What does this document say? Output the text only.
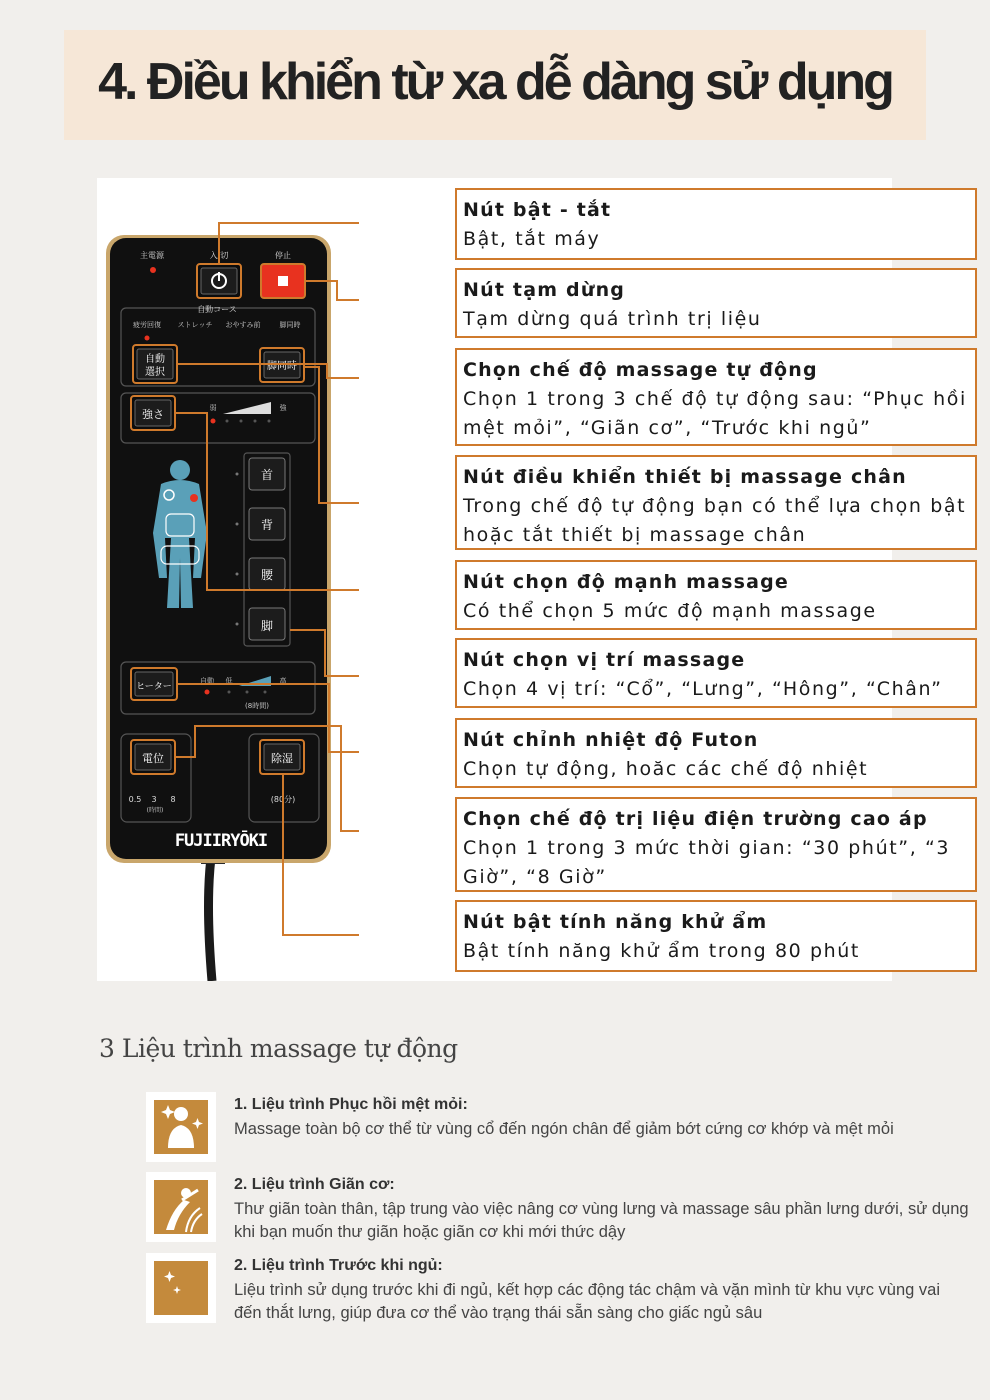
4. Điều khiển từ xa dễ dàng sử dụng
主電源	入/切	停止
自動コース
疲労回復 ストレッチ おやすみ前	脚同時
自動
選択
脚同時
強さ	弱	強
首
背
腰
脚
ヒーター
自動 低	高
(8時間)
電位
0.5 3 8
(時間)
除湿
(80分)
FUJIIRYŌKI
Nút bật - tắt
Bật, tắt máy
Nút tạm dừng
Tạm dừng quá trình trị liệu
Chọn chế độ massage tự động
Chọn 1 trong 3 chế độ tự động sau: “Phục hồi mệt mỏi”, “Giãn cơ”, “Trước khi ngủ”
Nút điều khiển thiết bị massage chân
Trong chế độ tự động bạn có thể lựa chọn bật hoặc tắt thiết bị massage chân
Nút chọn độ mạnh massage
Có thể chọn 5 mức độ mạnh massage
Nút chọn vị trí massage
Chọn 4 vị trí: “Cổ”, “Lưng”, “Hông”, “Chân”
Nút chỉnh nhiệt độ Futon
Chọn tự động, hoăc các chế độ nhiệt
Chọn chế độ trị liệu điện trường cao áp
Chọn 1 trong 3 mức thời gian: “30 phút”, “3 Giờ”, “8 Giờ”
Nút bật tính năng khử ẩm
Bật tính năng khử ẩm trong 80 phút
3 Liệu trình massage tự động
1. Liệu trình Phục hồi mệt mỏi:
Massage toàn bộ cơ thể từ vùng cổ đến ngón chân để giảm bớt cứng cơ khớp và mệt mỏi
2. Liệu trình Giãn cơ:
Thư giãn toàn thân, tập trung vào việc nâng cơ vùng lưng và massage sâu phần lưng dưới, sử dụng khi bạn muốn thư giãn hoặc giãn cơ khi mới thức dậy
2. Liệu trình Trước khi ngủ:
Liệu trình sử dụng trước khi đi ngủ, kết hợp các động tác chậm và vặn mình từ khu vực vùng vai đến thắt lưng, giúp đưa cơ thể vào trạng thái sẵn sàng cho giấc ngủ sâu
